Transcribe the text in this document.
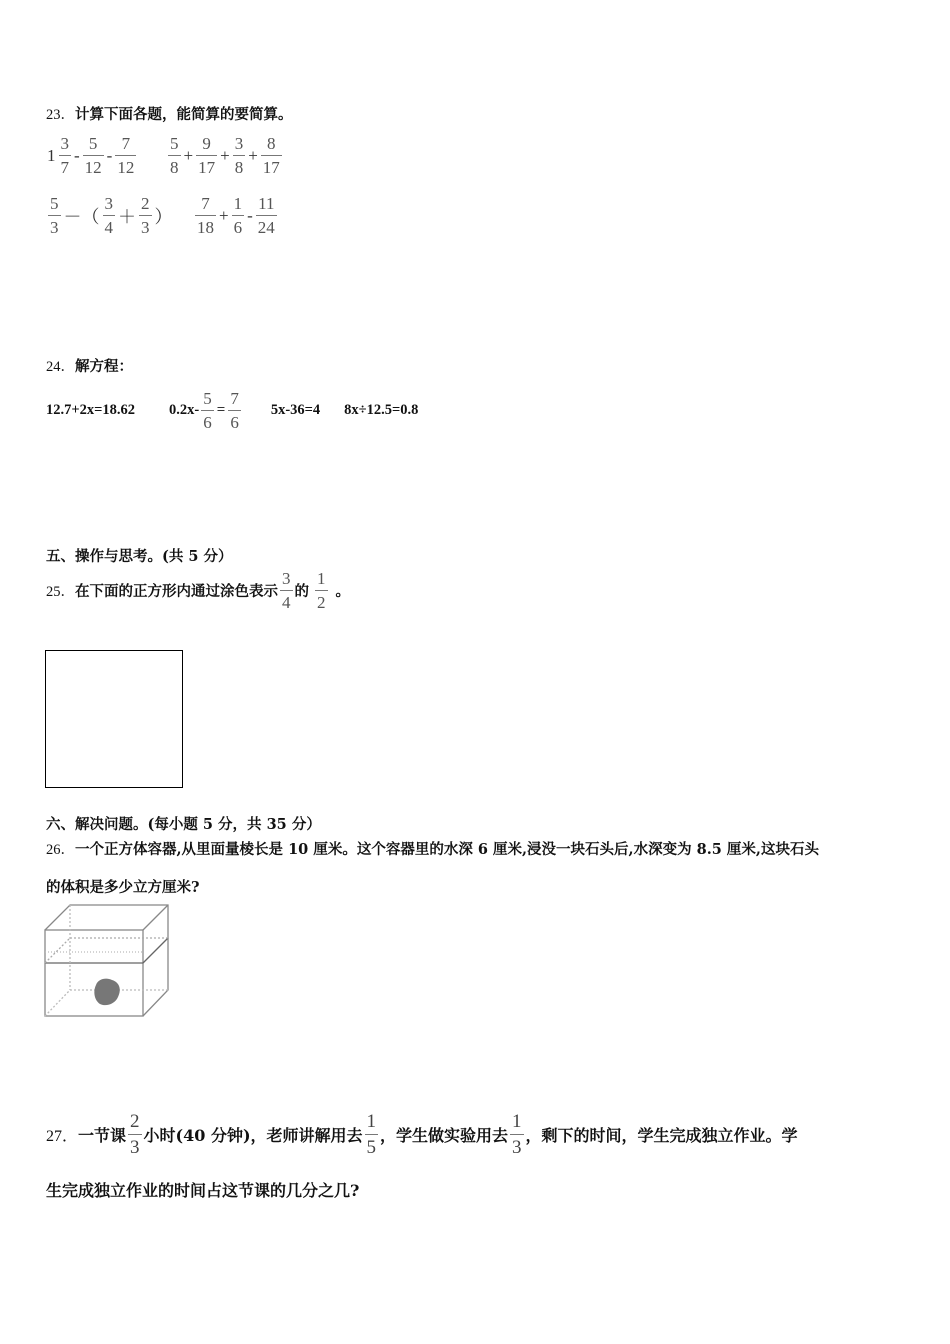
23．计算下面各题，能简算的要简算。
$1 \frac{3}{7} - \frac{5}{12} - \frac{7}{12} \frac{5}{8} + \frac{9}{17} + \frac{3}{8} + \frac{8}{17}$
$\frac{5}{3}$ －（ $\frac{3}{4} + \frac{2}{3}$ ） $\frac{7}{18} + \frac{1}{6} - \frac{11}{24}$
24．解方程：
12.7+2x=18.62 $0.2x- \frac{5}{6} = \frac{7}{6} 5x-36=4$ 8x÷12.5=0.8
五、操作与思考。(共 5 分）
25． 在下面的正方形内通过涂色表示 $\frac{3}{4}$ 的 $\frac{1}{2}$ 。
六、解决问题。(每小题 5 分，共 35 分）
26．一个正方体容器,从里面量棱长是 10 厘米。这个容器里的水深 6 厘米,浸没一块石头后,水深变为 8.5 厘米,这块石头
的体积是多少立方厘米?
27． 一节课 $\frac{2}{3}$ 小时(40 分钟)，老师讲解用去 $\frac{1}{5}$ ，学生做实验用去 $\frac{1}{3}$ ，剩下的时间，学生完成独立作业。学
生完成独立作业的时间占这节课的几分之几?
